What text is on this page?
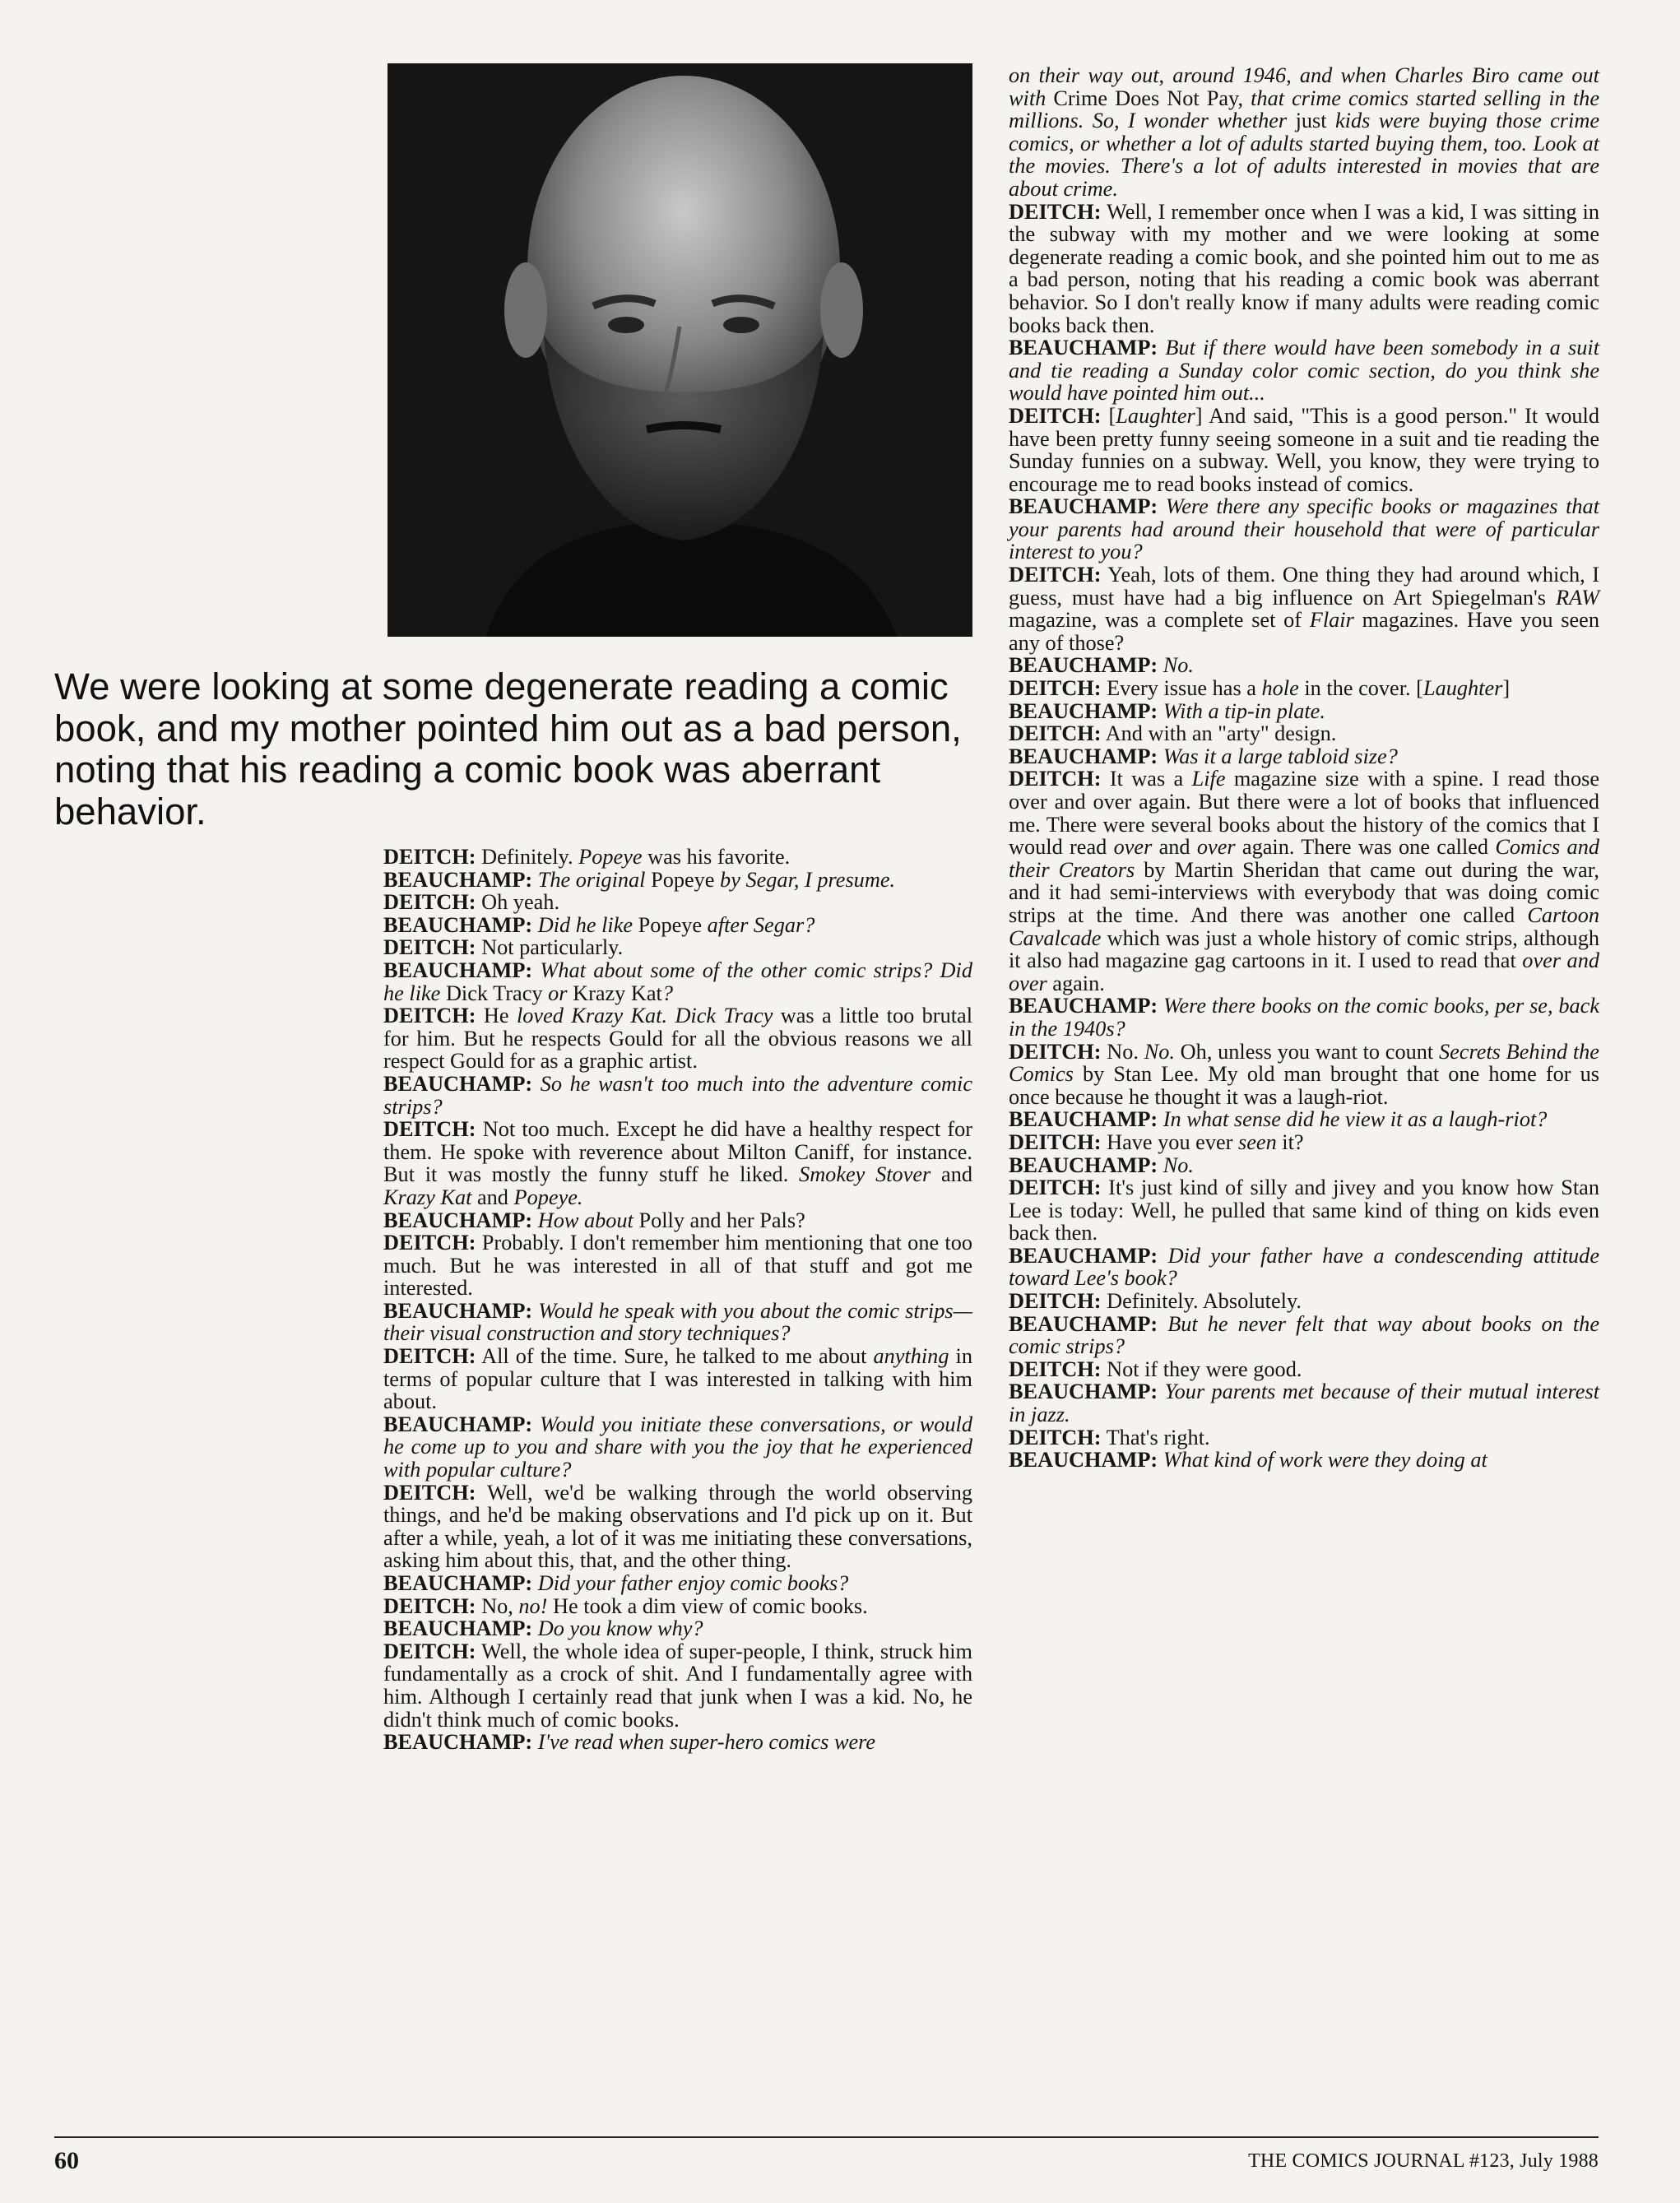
We were looking at some degenerate reading a comic book, and my mother pointed him out as a bad person, noting that his reading a comic book was aberrant behavior.

DEITCH: Definitely. Popeye was his favorite.

BEAUCHAMP: The original Popeye by Segar, I presume.

DEITCH: Oh yeah.

BEAUCHAMP: Did he like Popeye after Segar?

DEITCH: Not particularly.

BEAUCHAMP: What about some of the other comic strips? Did he like Dick Tracy or Krazy Kat?

DEITCH: He loved Krazy Kat. Dick Tracy was a little too brutal for him. But he respects Gould for all the obvious reasons we all respect Gould for as a graphic artist.

BEAUCHAMP: So he wasn't too much into the adventure comic strips?

DEITCH: Not too much. Except he did have a healthy respect for them. He spoke with reverence about Milton Caniff, for instance. But it was mostly the funny stuff he liked. Smokey Stover and Krazy Kat and Popeye.

BEAUCHAMP: How about Polly and her Pals?

DEITCH: Probably. I don't remember him mentioning that one too much. But he was interested in all of that stuff and got me interested.

BEAUCHAMP: Would he speak with you about the comic strips—their visual construction and story techniques?

DEITCH: All of the time. Sure, he talked to me about anything in terms of popular culture that I was interested in talking with him about.

BEAUCHAMP: Would you initiate these conversations, or would he come up to you and share with you the joy that he experienced with popular culture?

DEITCH: Well, we'd be walking through the world observing things, and he'd be making observations and I'd pick up on it. But after a while, yeah, a lot of it was me initiating these conversations, asking him about this, that, and the other thing.

BEAUCHAMP: Did your father enjoy comic books?

DEITCH: No, no! He took a dim view of comic books.

BEAUCHAMP: Do you know why?

DEITCH: Well, the whole idea of super-people, I think, struck him fundamentally as a crock of shit. And I fundamentally agree with him. Although I certainly read that junk when I was a kid. No, he didn't think much of comic books.

BEAUCHAMP: I've read when super-hero comics were

on their way out, around 1946, and when Charles Biro came out with Crime Does Not Pay, that crime comics started selling in the millions. So, I wonder whether just kids were buying those crime comics, or whether a lot of adults started buying them, too. Look at the movies. There's a lot of adults interested in movies that are about crime.

DEITCH: Well, I remember once when I was a kid, I was sitting in the subway with my mother and we were looking at some degenerate reading a comic book, and she pointed him out to me as a bad person, noting that his reading a comic book was aberrant behavior. So I don't really know if many adults were reading comic books back then.

BEAUCHAMP: But if there would have been somebody in a suit and tie reading a Sunday color comic section, do you think she would have pointed him out...

DEITCH: [Laughter] And said, "This is a good person." It would have been pretty funny seeing someone in a suit and tie reading the Sunday funnies on a subway. Well, you know, they were trying to encourage me to read books instead of comics.

BEAUCHAMP: Were there any specific books or magazines that your parents had around their household that were of particular interest to you?

DEITCH: Yeah, lots of them. One thing they had around which, I guess, must have had a big influence on Art Spiegelman's RAW magazine, was a complete set of Flair magazines. Have you seen any of those?

BEAUCHAMP: No.

DEITCH: Every issue has a hole in the cover. [Laughter]

BEAUCHAMP: With a tip-in plate.

DEITCH: And with an "arty" design.

BEAUCHAMP: Was it a large tabloid size?

DEITCH: It was a Life magazine size with a spine. I read those over and over again. But there were a lot of books that influenced me. There were several books about the history of the comics that I would read over and over again. There was one called Comics and their Creators by Martin Sheridan that came out during the war, and it had semi-interviews with everybody that was doing comic strips at the time. And there was another one called Cartoon Cavalcade which was just a whole history of comic strips, although it also had magazine gag cartoons in it. I used to read that over and over again.

BEAUCHAMP: Were there books on the comic books, per se, back in the 1940s?

DEITCH: No. No. Oh, unless you want to count Secrets Behind the Comics by Stan Lee. My old man brought that one home for us once because he thought it was a laugh-riot.

BEAUCHAMP: In what sense did he view it as a laugh-riot?

DEITCH: Have you ever seen it?

BEAUCHAMP: No.

DEITCH: It's just kind of silly and jivey and you know how Stan Lee is today: Well, he pulled that same kind of thing on kids even back then.

BEAUCHAMP: Did your father have a condescending attitude toward Lee's book?

DEITCH: Definitely. Absolutely.

BEAUCHAMP: But he never felt that way about books on the comic strips?

DEITCH: Not if they were good.

BEAUCHAMP: Your parents met because of their mutual interest in jazz.

DEITCH: That's right.

BEAUCHAMP: What kind of work were they doing at

60	THE COMICS JOURNAL #123, July 1988
